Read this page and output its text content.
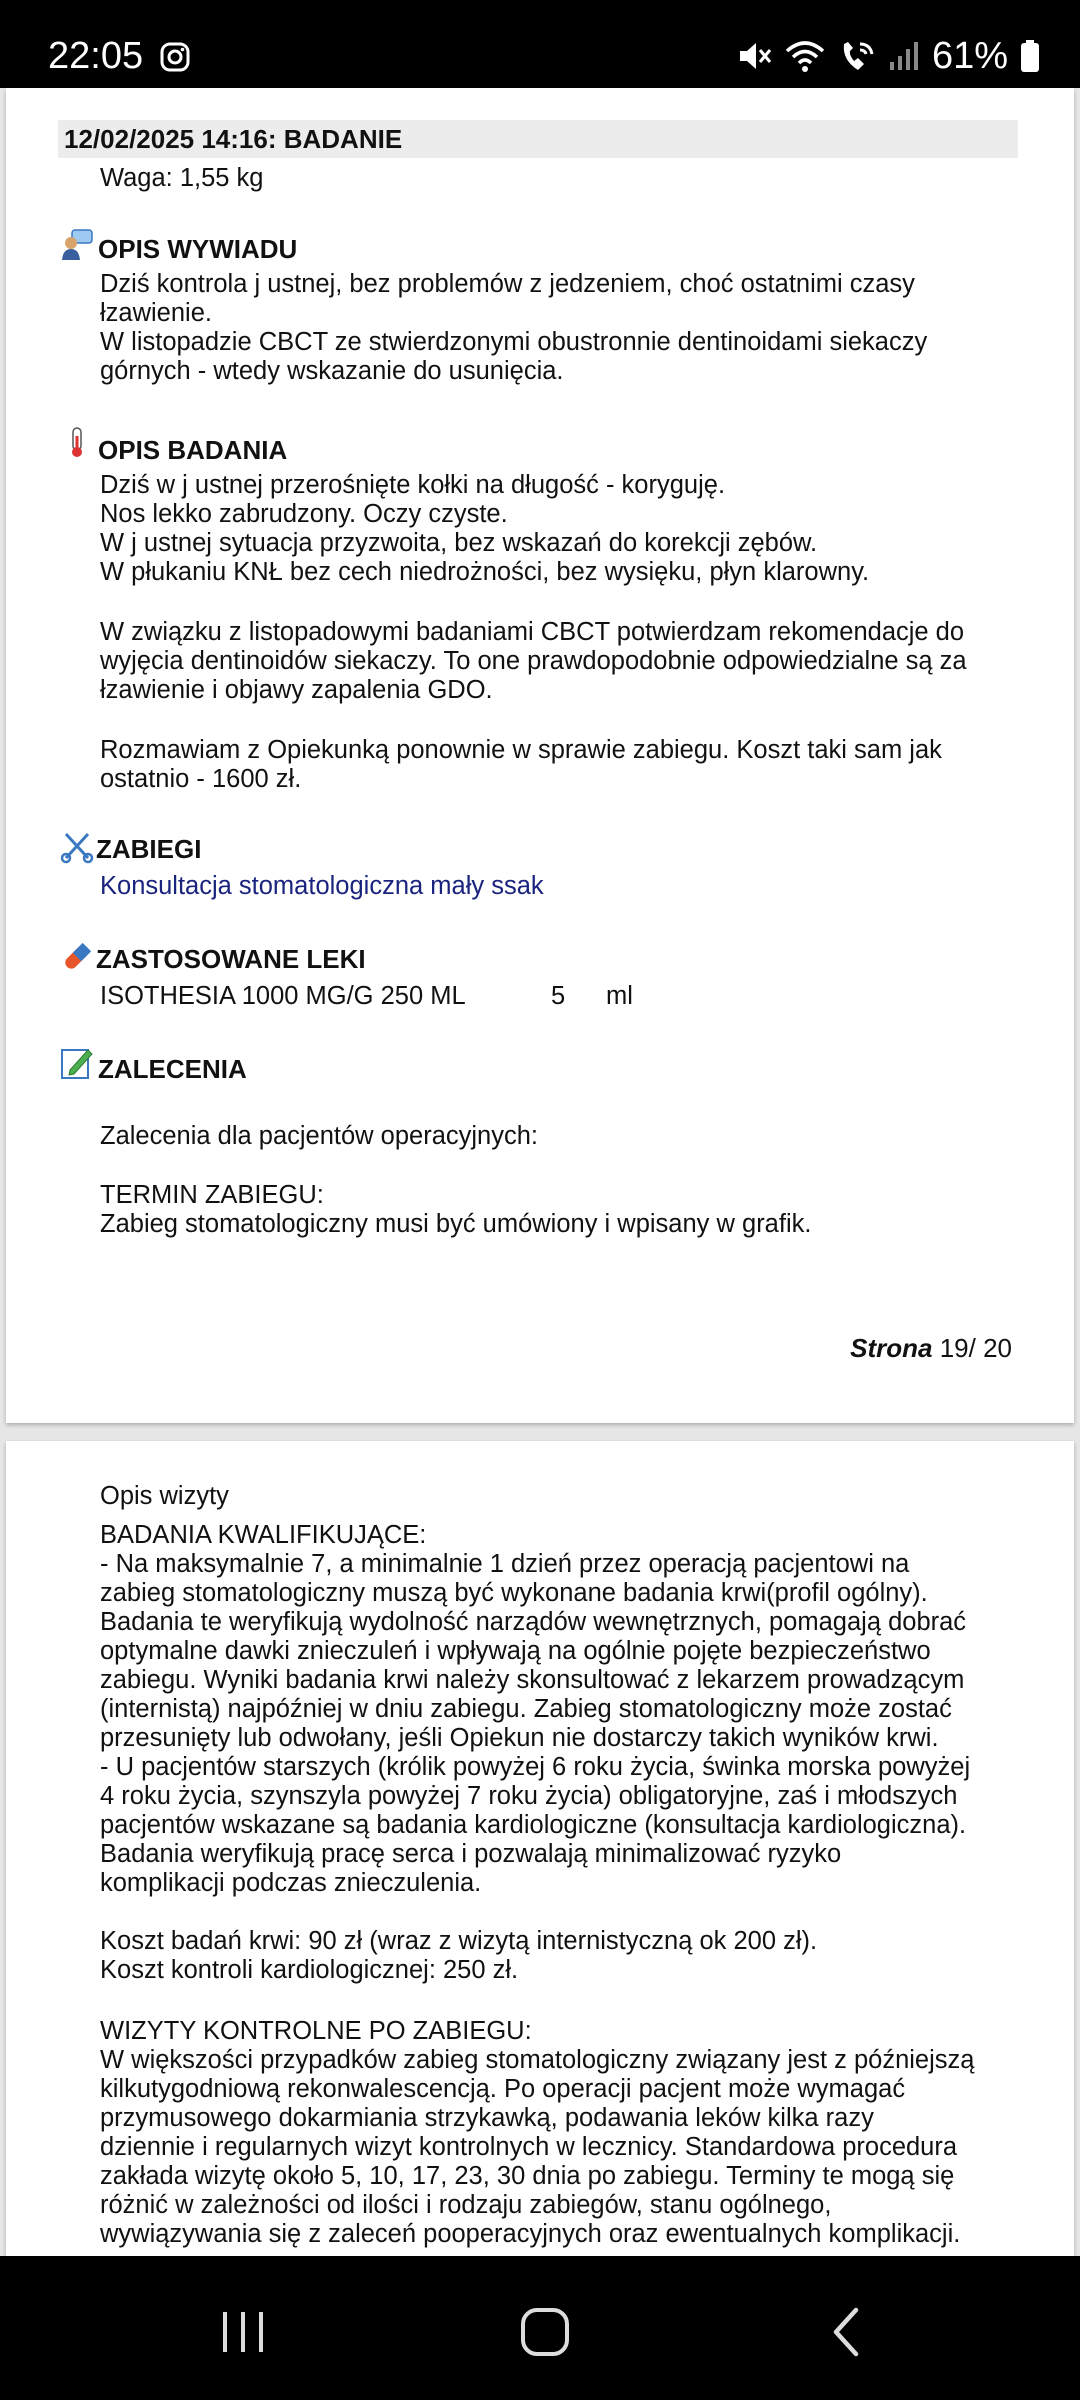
22:05	61%
12/02/2025 14:16: BADANIE
Waga: 1,55 kg
OPIS WYWIADU
Dziś kontrola j ustnej, bez problemów z jedzeniem, choć ostatnimi czasy
łzawienie.
W listopadzie CBCT ze stwierdzonymi obustronnie dentinoidami siekaczy
górnych - wtedy wskazanie do usunięcia.
OPIS BADANIA
Dziś w j ustnej przerośnięte kołki na długość - koryguję.
Nos lekko zabrudzony. Oczy czyste.
W j ustnej sytuacja przyzwoita, bez wskazań do korekcji zębów.
W płukaniu KNŁ bez cech niedrożności, bez wysięku, płyn klarowny.
W związku z listopadowymi badaniami CBCT potwierdzam rekomendacje do
wyjęcia dentinoidów siekaczy. To one prawdopodobnie odpowiedzialne są za
łzawienie i objawy zapalenia GDO.
Rozmawiam z Opiekunką ponownie w sprawie zabiegu. Koszt taki sam jak
ostatnio - 1600 zł.
ZABIEGI
Konsultacja stomatologiczna mały ssak
ZASTOSOWANE LEKI
ISOTHESIA 1000 MG/G 250 ML	5 ml
ZALECENIA
Zalecenia dla pacjentów operacyjnych:
TERMIN ZABIEGU:
Zabieg stomatologiczny musi być umówiony i wpisany w grafik.
Strona 19/ 20
Opis wizyty
BADANIA KWALIFIKUJĄCE:
- Na maksymalnie 7, a minimalnie 1 dzień przez operacją pacjentowi na
zabieg stomatologiczny muszą być wykonane badania krwi(profil ogólny).
Badania te weryfikują wydolność narządów wewnętrznych, pomagają dobrać
optymalne dawki znieczuleń i wpływają na ogólnie pojęte bezpieczeństwo
zabiegu. Wyniki badania krwi należy skonsultować z lekarzem prowadzącym
(internistą) najpóźniej w dniu zabiegu. Zabieg stomatologiczny może zostać
przesunięty lub odwołany, jeśli Opiekun nie dostarczy takich wyników krwi.
- U pacjentów starszych (królik powyżej 6 roku życia, świnka morska powyżej
4 roku życia, szynszyla powyżej 7 roku życia) obligatoryjne, zaś i młodszych
pacjentów wskazane są badania kardiologiczne (konsultacja kardiologiczna).
Badania weryfikują pracę serca i pozwalają minimalizować ryzyko
komplikacji podczas znieczulenia.
Koszt badań krwi: 90 zł (wraz z wizytą internistyczną ok 200 zł).
Koszt kontroli kardiologicznej: 250 zł.
WIZYTY KONTROLNE PO ZABIEGU:
W większości przypadków zabieg stomatologiczny związany jest z późniejszą
kilkutygodniową rekonwalescencją. Po operacji pacjent może wymagać
przymusowego dokarmiania strzykawką, podawania leków kilka razy
dziennie i regularnych wizyt kontrolnych w lecznicy. Standardowa procedura
zakłada wizytę około 5, 10, 17, 23, 30 dnia po zabiegu. Terminy te mogą się
różnić w zależności od ilości i rodzaju zabiegów, stanu ogólnego,
wywiązywania się z zaleceń pooperacyjnych oraz ewentualnych komplikacji.
